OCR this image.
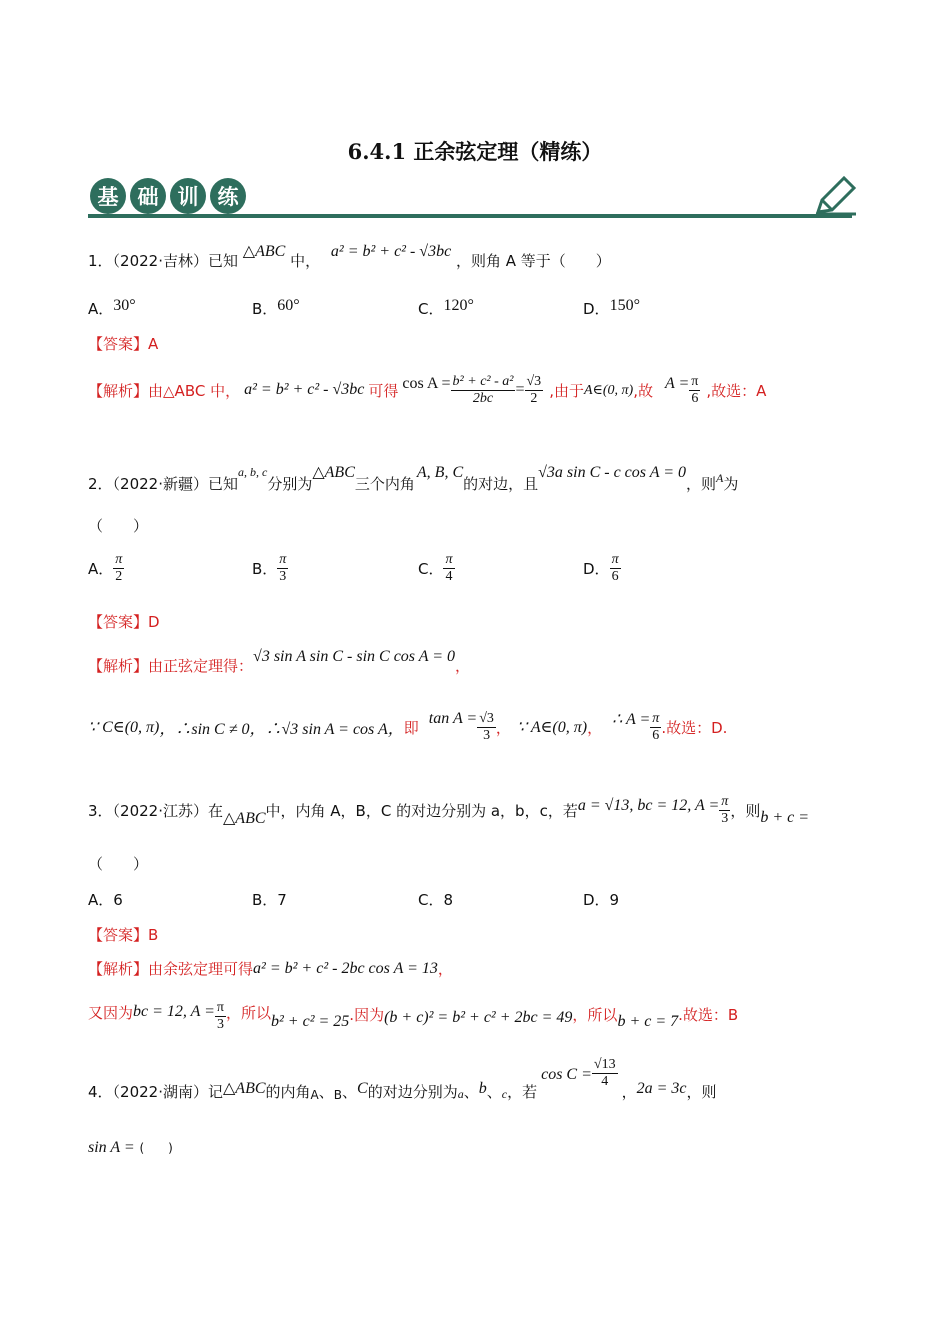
6.4.1 正余弦定理（精练）
基 础 训 练
1．（2022·吉林）已知 △ABC 中， a² = b² + c² - √3bc ，则角 A 等于（　　）
A．30°	B．60°	C．120°	D．150°
【答案】A
【解析】 由△ABC 中， a² = b² + c² - √3bc 可得 $\cos A = \frac{\text{b² + c² - a²}}{2bc} = \frac{√3}{2}$ ,由于 A∈(0, π) ,故 $A = \frac{\pi}{6}$ ,故选：A
2．（2022·新疆）已知
a, b, c
分别为
△ABC
三个内角
A, B, C
的对边，且
√3a sin C - c cos A = 0
，则 A 为
（　　）
A． $\frac{\pi}{2}$	B． $\frac{\pi}{3}$	C． $\frac{\pi}{4}$	D． $\frac{\pi}{6}$
【答案】D
【解析】 由正弦定理得：
√3 sin A sin C - sin C cos A = 0
，
∵ C∈(0, π) ，∴sin C ≠ 0，∴√3 sin A = cos A， 即 $\tan A = \frac{√3}{3}$ ， ∵ A∈(0, π) ， ∴ $A = \frac{\pi}{6}$ .故选：D.
3．（2022·江苏）在 △ABC 中，内角 A，B，C 的对边分别为 a，b，c，若 a = √13, bc = 12, $A = \frac{\pi}{3}$ ，则 b + c =
（　　）
A．6	B．7	C．8	D．9
【答案】B
【解析】 由余弦定理可得 a² = b² + c² - 2bc cos A = 13 ，
又因为 bc = 12, $A = \frac{\pi}{3}$ ，所以 b² + c² = 25 .因为 (b + c)² = b² + c² + 2bc = 49 ，所以 b + c = 7 .故选：B
4．（2022·湖南）记 △ABC 的内角 A 、 B 、 C 的对边分别为 a 、 b 、 c ，若
$\cos C = \frac{√13}{4}$
， 2a = 3c ，则
sin A = (　　)
